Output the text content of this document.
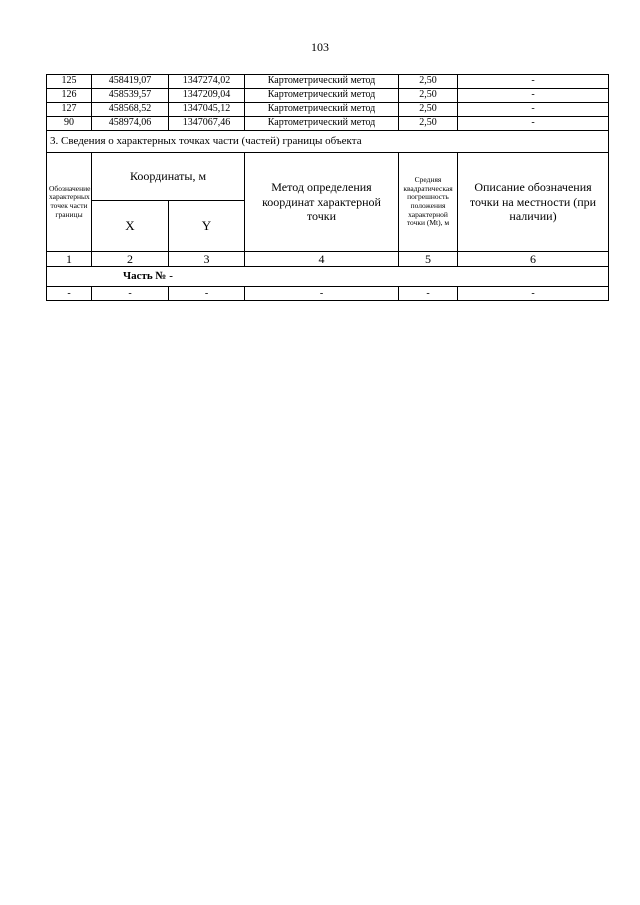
103
125	458419,07	1347274,02	Картометрический метод	2,50	-
126	458539,57	1347209,04	Картометрический метод	2,50	-
127	458568,52	1347045,12	Картометрический метод	2,50	-
90	458974,06	1347067,46	Картометрический метод	2,50	-
3. Сведения о характерных точках части (частей) границы объекта					
Обозначение характерных точек части границы	Координаты, м		Метод определения координат характерной точки	Средняя квадратическая погрешность положения характерной точки (Мt), м	Описание обозначения точки на местности (при наличии)
	X	Y			
1	2	3	4	5	6
Часть № -					
-	-	-	-	-	-
